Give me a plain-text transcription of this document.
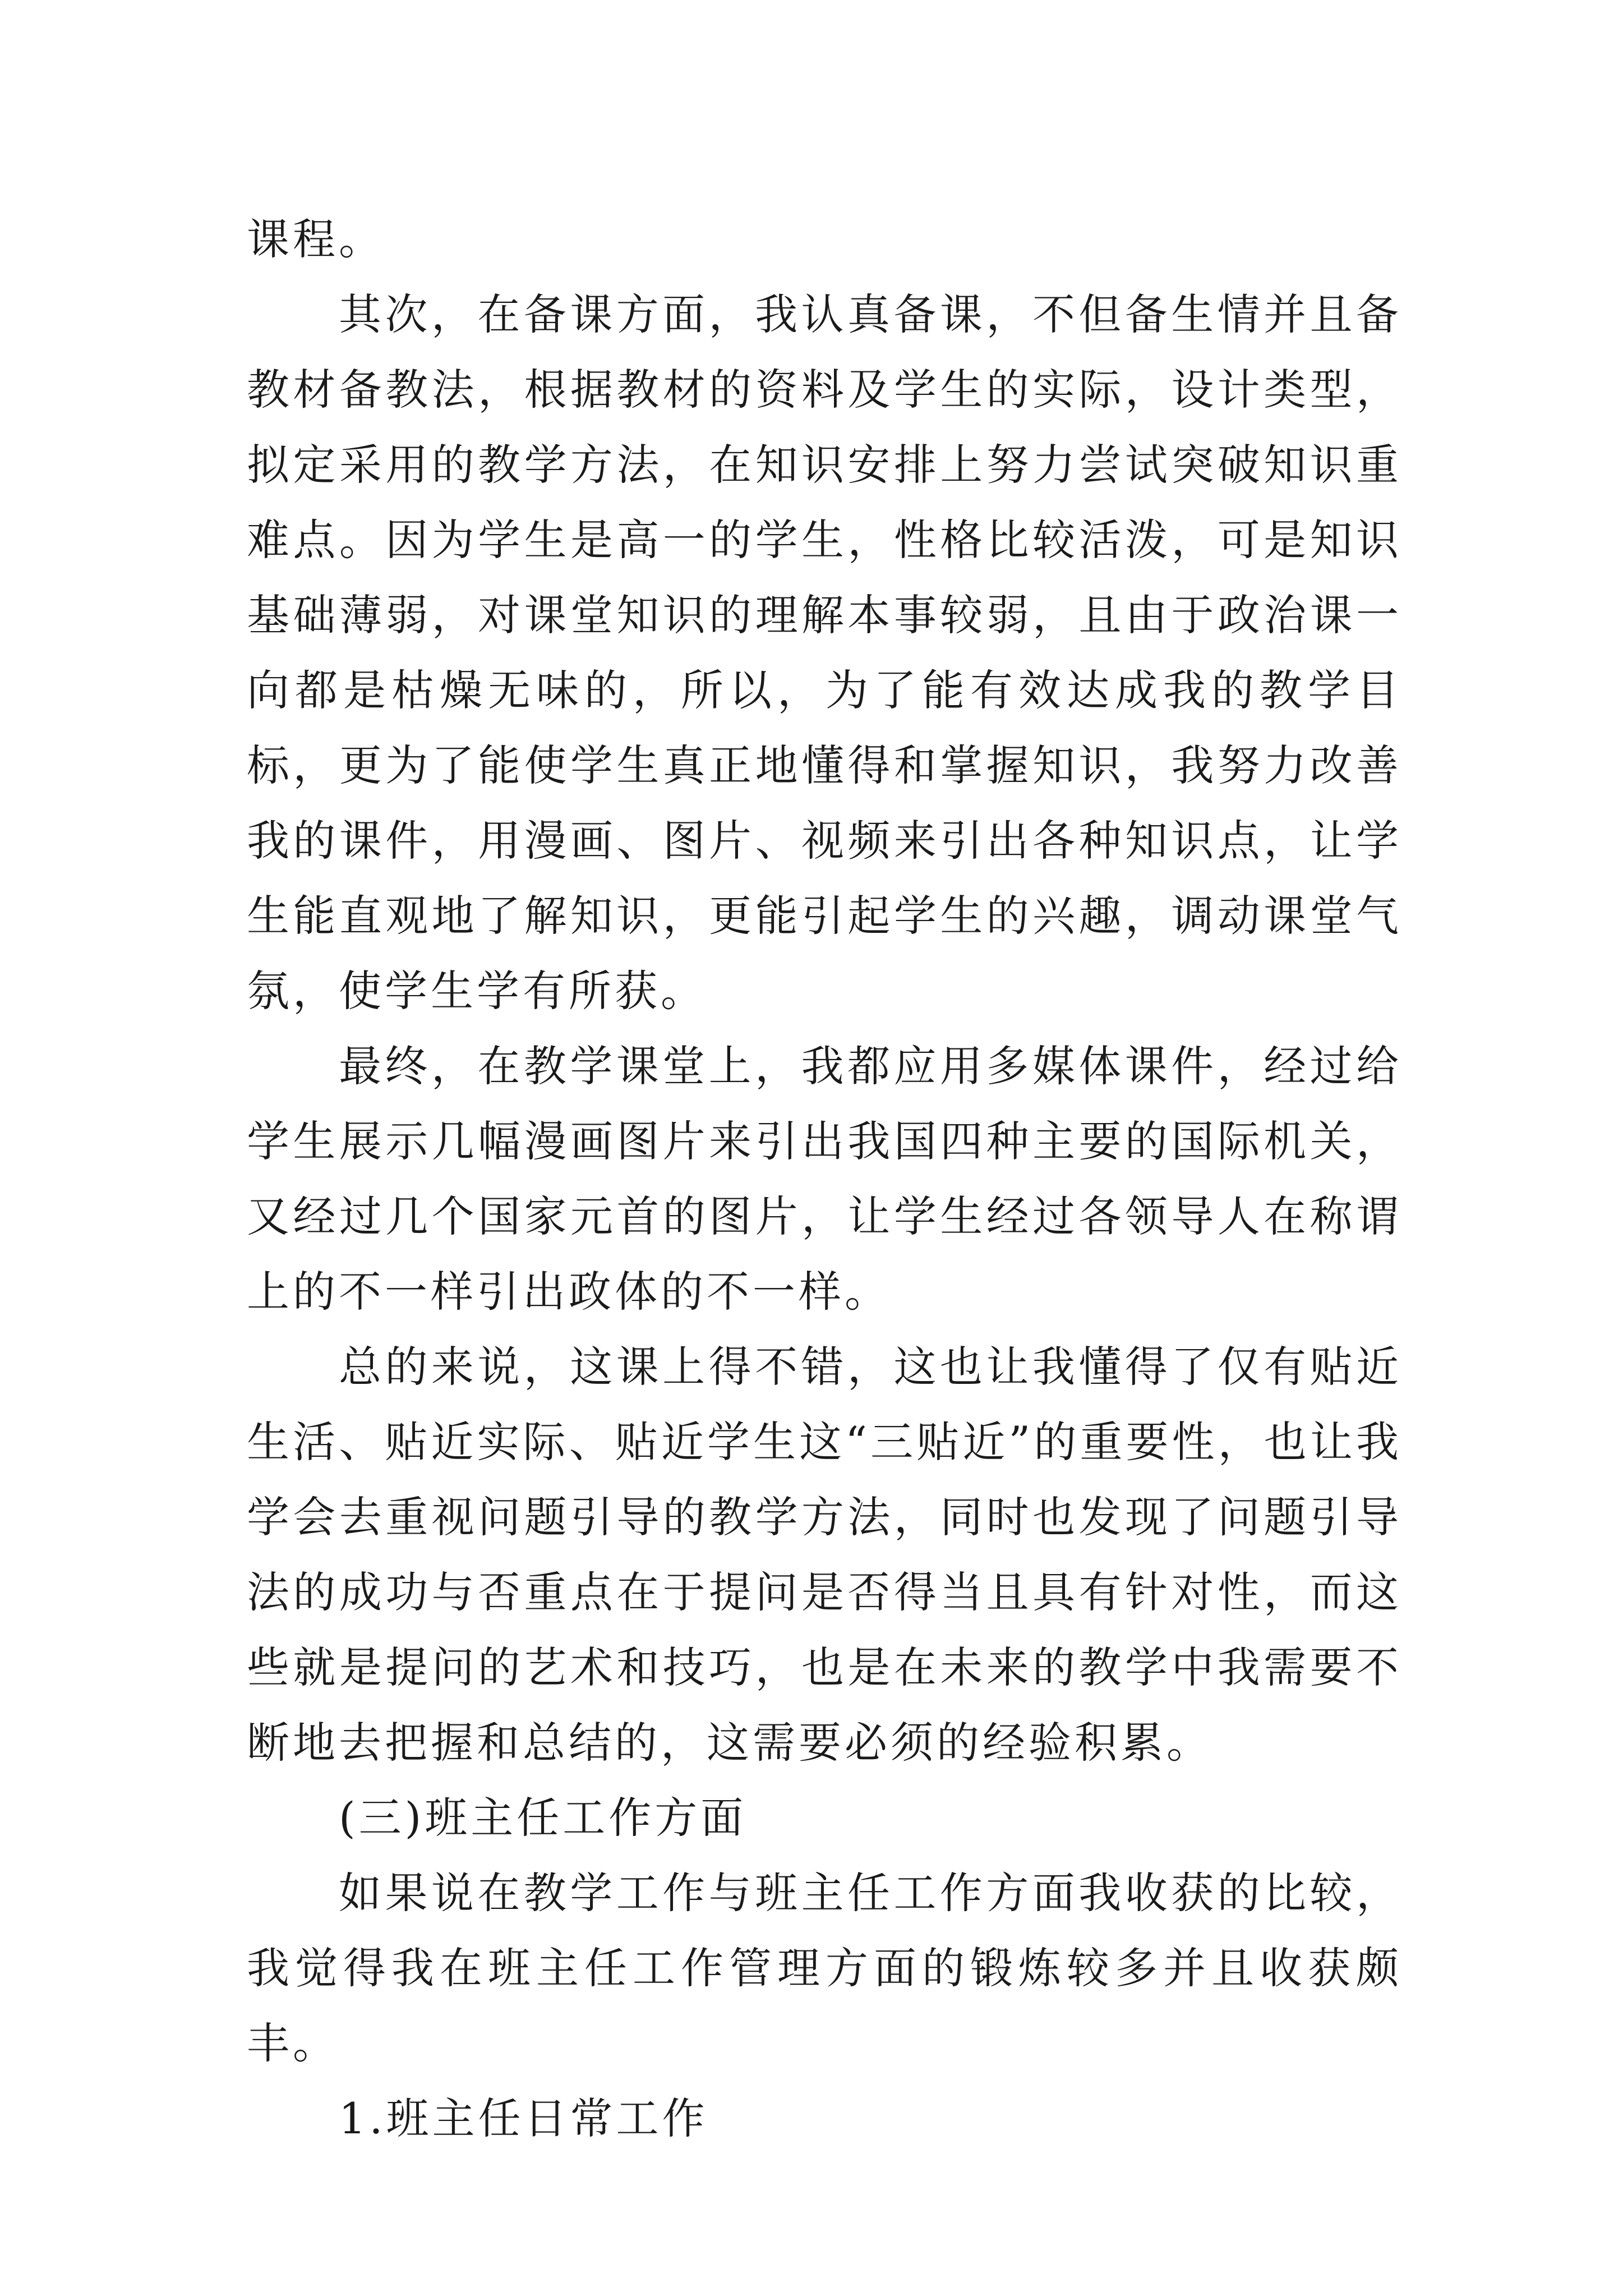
课程。

其次，在备课方面，我认真备课，不但备生情并且备教材备教法，根据教材的资料及学生的实际，设计类型，拟定采用的教学方法，在知识安排上努力尝试突破知识重难点。因为学生是高一的学生，性格比较活泼，可是知识基础薄弱，对课堂知识的理解本事较弱，且由于政治课一向都是枯燥无味的，所以，为了能有效达成我的教学目标，更为了能使学生真正地懂得和掌握知识，我努力改善我的课件，用漫画、图片、视频来引出各种知识点，让学生能直观地了解知识，更能引起学生的兴趣，调动课堂气氛，使学生学有所获。

最终，在教学课堂上，我都应用多媒体课件，经过给学生展示几幅漫画图片来引出我国四种主要的国际机关，又经过几个国家元首的图片，让学生经过各领导人在称谓上的不一样引出政体的不一样。

总的来说，这课上得不错，这也让我懂得了仅有贴近生活、贴近实际、贴近学生这“三贴近”的重要性，也让我学会去重视问题引导的教学方法，同时也发现了问题引导法的成功与否重点在于提问是否得当且具有针对性，而这些就是提问的艺术和技巧，也是在未来的教学中我需要不断地去把握和总结的，这需要必须的经验积累。

(三)班主任工作方面

如果说在教学工作与班主任工作方面我收获的比较，我觉得我在班主任工作管理方面的锻炼较多并且收获颇丰。

1.班主任日常工作
